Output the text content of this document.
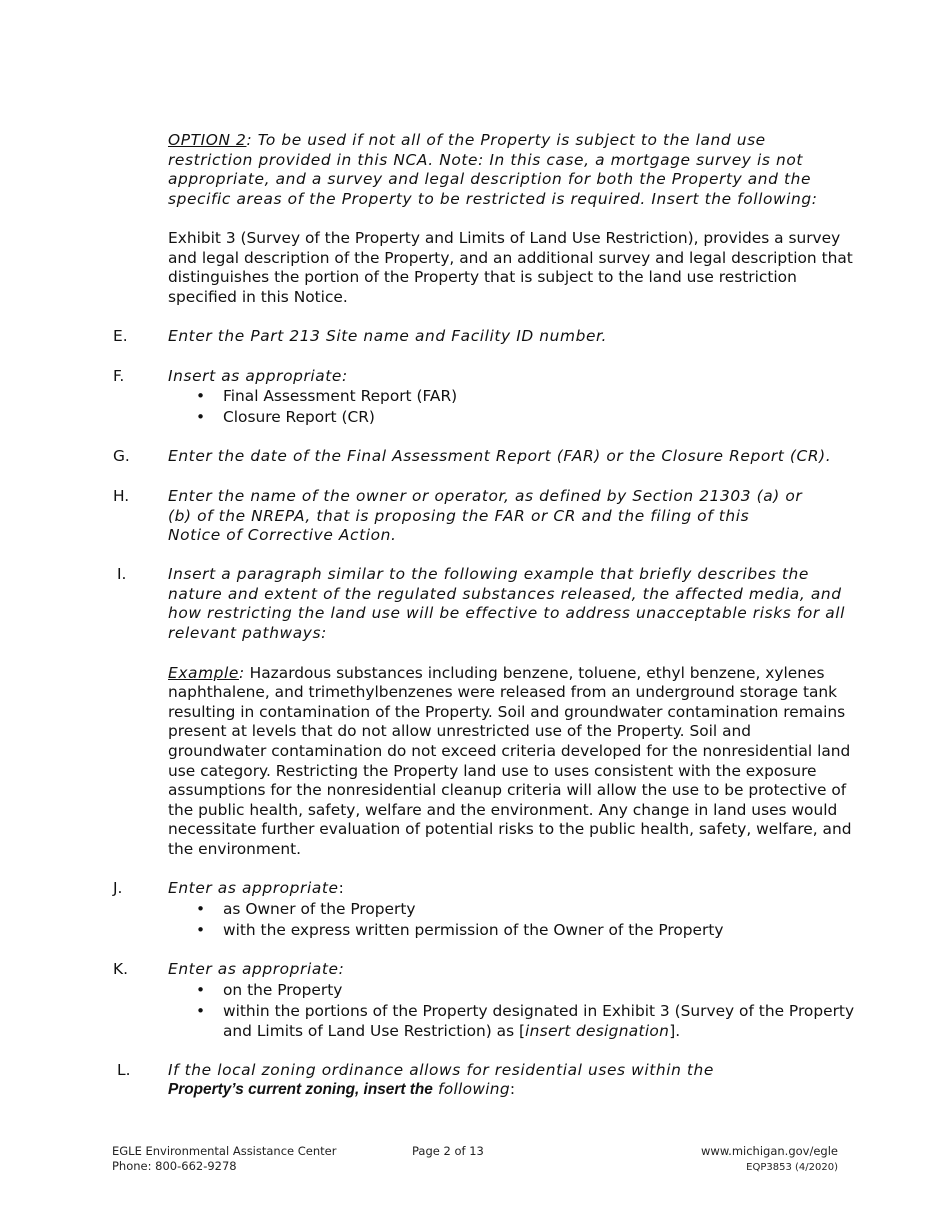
OPTION 2: To be used if not all of the Property is subject to the land use
restriction provided in this NCA. Note: In this case, a mortgage survey is not
appropriate, and a survey and legal description for both the Property and the
specific areas of the Property to be restricted is required. Insert the following:
Exhibit 3 (Survey of the Property and Limits of Land Use Restriction), provides a survey
and legal description of the Property, and an additional survey and legal description that
distinguishes the portion of the Property that is subject to the land use restriction
specified in this Notice.
E.	Enter the Part 213 Site name and Facility ID number.
F.	Insert as appropriate:
•	Final Assessment Report (FAR)
•	Closure Report (CR)
G.	Enter the date of the Final Assessment Report (FAR) or the Closure Report (CR).
H.	Enter the name of the owner or operator, as defined by Section 21303 (a) or
(b) of the NREPA, that is proposing the FAR or CR and the filing of this
Notice of Corrective Action.
I.	Insert a paragraph similar to the following example that briefly describes the
nature and extent of the regulated substances released, the affected media, and
how restricting the land use will be effective to address unacceptable risks for all
relevant pathways:
Example: Hazardous substances including benzene, toluene, ethyl benzene, xylenes
naphthalene, and trimethylbenzenes were released from an underground storage tank
resulting in contamination of the Property. Soil and groundwater contamination remains
present at levels that do not allow unrestricted use of the Property. Soil and
groundwater contamination do not exceed criteria developed for the nonresidential land
use category. Restricting the Property land use to uses consistent with the exposure
assumptions for the nonresidential cleanup criteria will allow the use to be protective of
the public health, safety, welfare and the environment. Any change in land uses would
necessitate further evaluation of potential risks to the public health, safety, welfare, and
the environment.
J.	Enter as appropriate:
•	as Owner of the Property
•	with the express written permission of the Owner of the Property
K.	Enter as appropriate:
•	on the Property
•	within the portions of the Property designated in Exhibit 3 (Survey of the Property
and Limits of Land Use Restriction) as [insert designation].
L.	If the local zoning ordinance allows for residential uses within the
Property’s current zoning, insert the following:
EGLE Environmental Assistance Center
Phone: 800-662-9278
Page 2 of 13	www.michigan.gov/egle
EQP3853 (4/2020)
